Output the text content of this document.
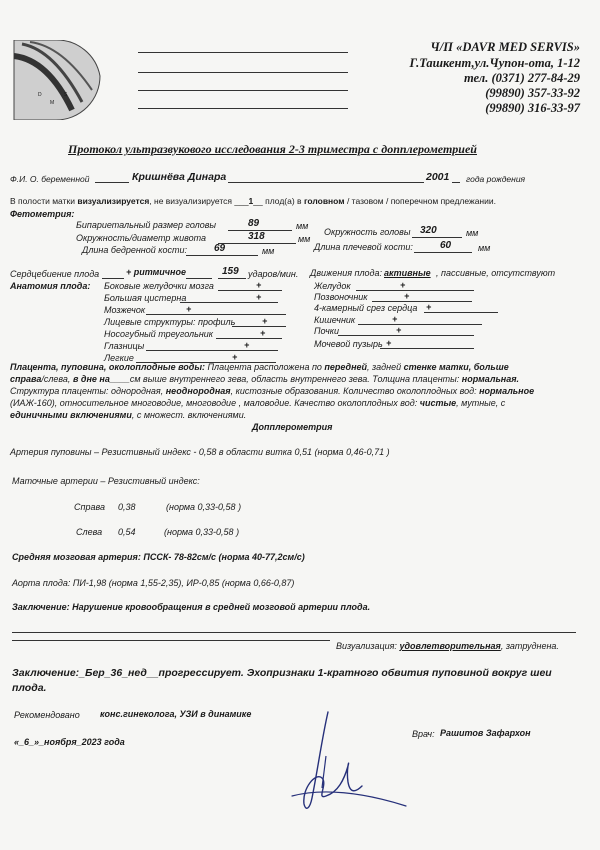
D
M
S
Ч/П «DAVR MED SERVIS»
Г.Ташкент,ул.Чупон-ота, 1-12
тел. (0371) 277-84-29
(99890) 357-33-92
(99890) 316-33-97
Протокол ультразвукового исследования 2-3 триместра с допплерометрией
Ф.И. О. беременной	Кришнёва Динара	2001 года рождения
В полости матки визуализируется, не визуализируется ___1__ плод(а) в головном / тазовом / поперечном предлежании.
Фетометрия:
Бипариетальный размер головы	89	мм
Окружность/диаметр живота	318	мм
Окружность головы 320	мм
Длина бедренной кости:	69	мм	Длина плечевой кости:	60	мм
Сердцебиение плода	+ ритмичное	159 ударов/мин. Движения плода: активные , пассивные, отсутствуют
Анатомия плода: Боковые желудочки мозга	+
Большая цистерна	+
Мозжечок	+
Лицевые структуры: профиль	+
Носогубный треугольник	+
Глазницы	+
Легкие	+
Желудок	+
Позвоночник	+
4-камерный срез сердца +
Кишечник	+
Почки	+
Мочевой пузырь +
Плацента, пуповина, околоплодные воды: Плацента расположена по передней, задней стенке матки, больше
справа/слева, в дне на____см выше внутреннего зева, область внутреннего зева. Толщина плаценты: нормальная.
Структура плаценты: однородная, неоднородная, кистозные образования. Количество околоплодных вод: нормальное
(ИАЖ-160), относительное многоводие, многоводие , маловодие. Качество околоплодных вод: чистые, мутные, с
единичными включениями, с множест. включениями.
Допплерометрия
Артерия пуповины – Резистивный индекс - 0,58 в области витка 0,51 (норма 0,46-0,71 )
Маточные артерии – Резистивный индекс:
Справа 0,38	(норма 0,33-0,58 )
Слева 0,54	(норма 0,33-0,58 )
Средняя мозговая артерия: ПССК- 78-82см/с (норма 40-77,2см/с)
Аорта плода: ПИ-1,98 (норма 1,55-2,35), ИР-0,85 (норма 0,66-0,87)
Заключение: Нарушение кровообращения в средней мозговой артерии плода.
Визуализация: удовлетворительная, затруднена.
Заключение:_Бер_36_нед__прогрессирует. Эхопризнаки 1-кратного обвития пуповиной вокруг шеи
плода.
Рекомендовано конс.гинеколога, УЗИ в динамике
«_6_»_ноября_2023 года
Врач: Рашитов Зафархон
